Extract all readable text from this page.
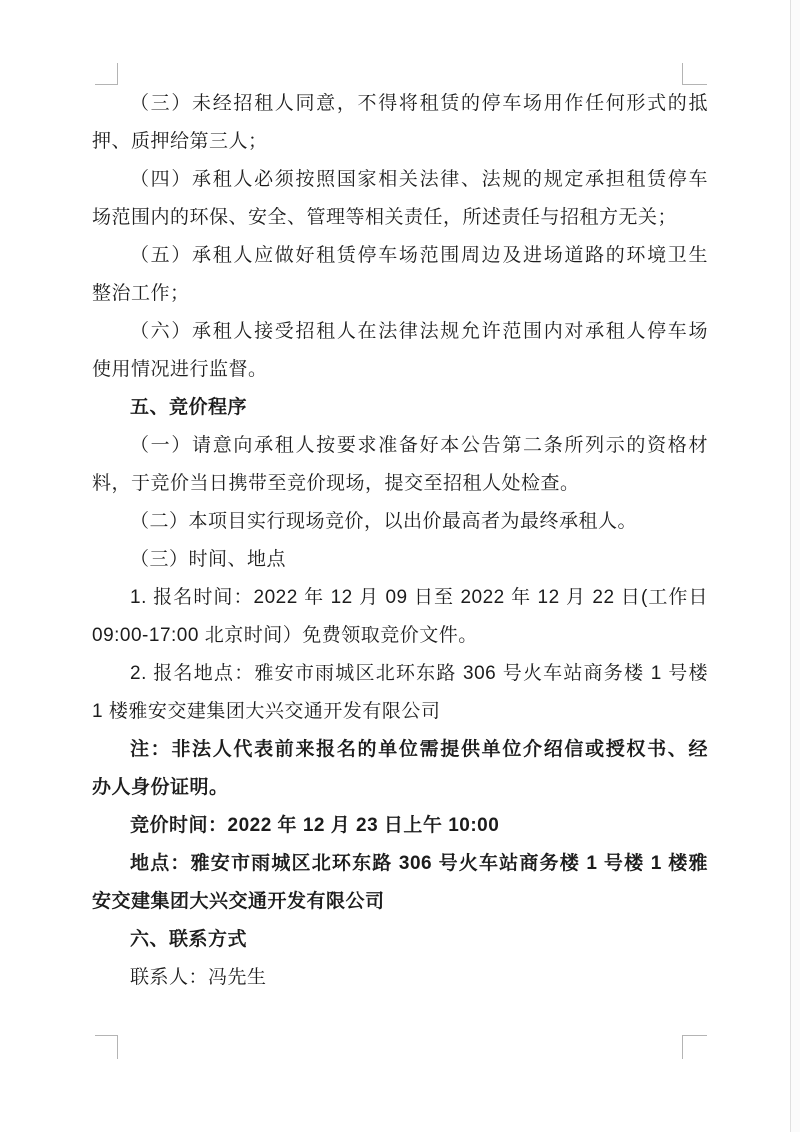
（三）未经招租人同意，不得将租赁的停车场用作任何形式的抵
押、质押给第三人；
（四）承租人必须按照国家相关法律、法规的规定承担租赁停车
场范围内的环保、安全、管理等相关责任，所述责任与招租方无关；
（五）承租人应做好租赁停车场范围周边及进场道路的环境卫生
整治工作；
（六）承租人接受招租人在法律法规允许范围内对承租人停车场
使用情况进行监督。
五、竞价程序
（一）请意向承租人按要求准备好本公告第二条所列示的资格材
料，于竞价当日携带至竞价现场，提交至招租人处检查。
（二）本项目实行现场竞价，以出价最高者为最终承租人。
（三）时间、地点
1. 报名时间：2022 年 12 月 09 日至 2022 年 12 月 22 日(工作日
09:00-17:00 北京时间）免费领取竞价文件。
2. 报名地点：雅安市雨城区北环东路 306 号火车站商务楼 1 号楼
1 楼雅安交建集团大兴交通开发有限公司
注：非法人代表前来报名的单位需提供单位介绍信或授权书、经
办人身份证明。
竞价时间：2022 年 12 月 23 日上午 10:00
地点：雅安市雨城区北环东路 306 号火车站商务楼 1 号楼 1 楼雅
安交建集团大兴交通开发有限公司
六、联系方式
联系人：冯先生
